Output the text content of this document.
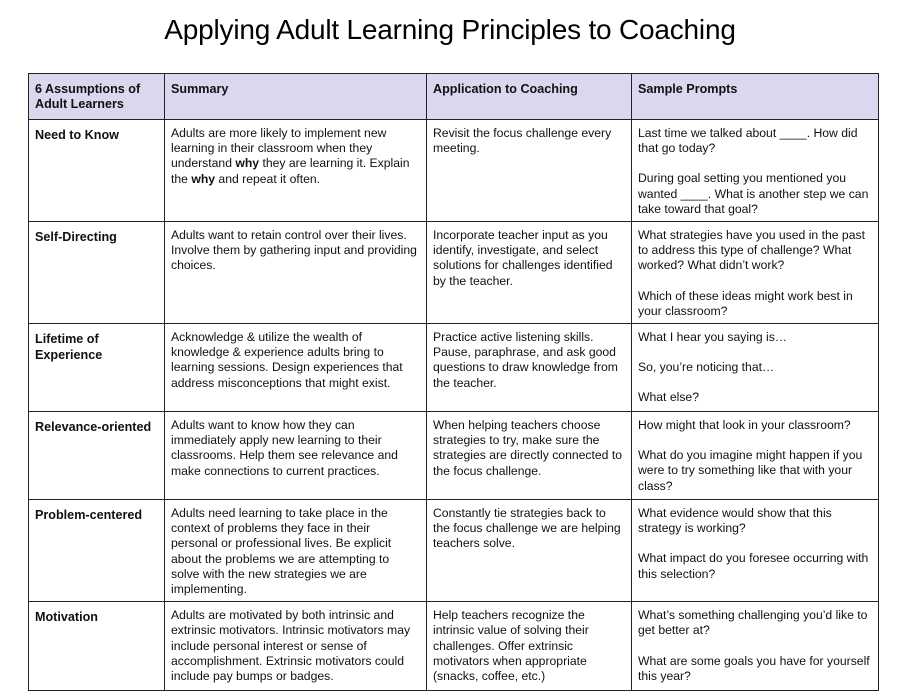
Applying Adult Learning Principles to Coaching
6 Assumptions of Adult Learners	Summary	Application to Coaching	Sample Prompts
Need to Know	Adults are more likely to implement new learning in their classroom when they understand why they are learning it. Explain the why and repeat it often.	Revisit the focus challenge every meeting.	Last time we talked about ____. How did that go today?
During goal setting you mentioned you wanted ____. What is another step we can take toward that goal?

Self-Directing	Adults want to retain control over their lives. Involve them by gathering input and providing choices.	Incorporate teacher input as you identify, investigate, and select solutions for challenges identified by the teacher.	What strategies have you used in the past to address this type of challenge? What worked? What didn’t work?
Which of these ideas might work best in your classroom?

Lifetime of Experience	Acknowledge & utilize the wealth of knowledge & experience adults bring to learning sessions. Design experiences that address misconceptions that might exist.	Practice active listening skills. Pause, paraphrase, and ask good questions to draw knowledge from the teacher.	What I hear you saying is…
So, you’re noticing that…
What else?

Relevance-oriented	Adults want to know how they can immediately apply new learning to their classrooms. Help them see relevance and make connections to current practices.	When helping teachers choose strategies to try, make sure the strategies are directly connected to the focus challenge.	How might that look in your classroom?
What do you imagine might happen if you were to try something like that with your class?

Problem-centered	Adults need learning to take place in the context of problems they face in their personal or professional lives. Be explicit about the problems we are attempting to solve with the new strategies we are implementing.	Constantly tie strategies back to the focus challenge we are helping teachers solve.	What evidence would show that this strategy is working?
What impact do you foresee occurring with this selection?

Motivation	Adults are motivated by both intrinsic and extrinsic motivators. Intrinsic motivators may include personal interest or sense of accomplishment. Extrinsic motivators could include pay bumps or badges.	Help teachers recognize the intrinsic value of solving their challenges. Offer extrinsic motivators when appropriate (snacks, coffee, etc.)	What’s something challenging you’d like to get better at?
What are some goals you have for yourself this year?
